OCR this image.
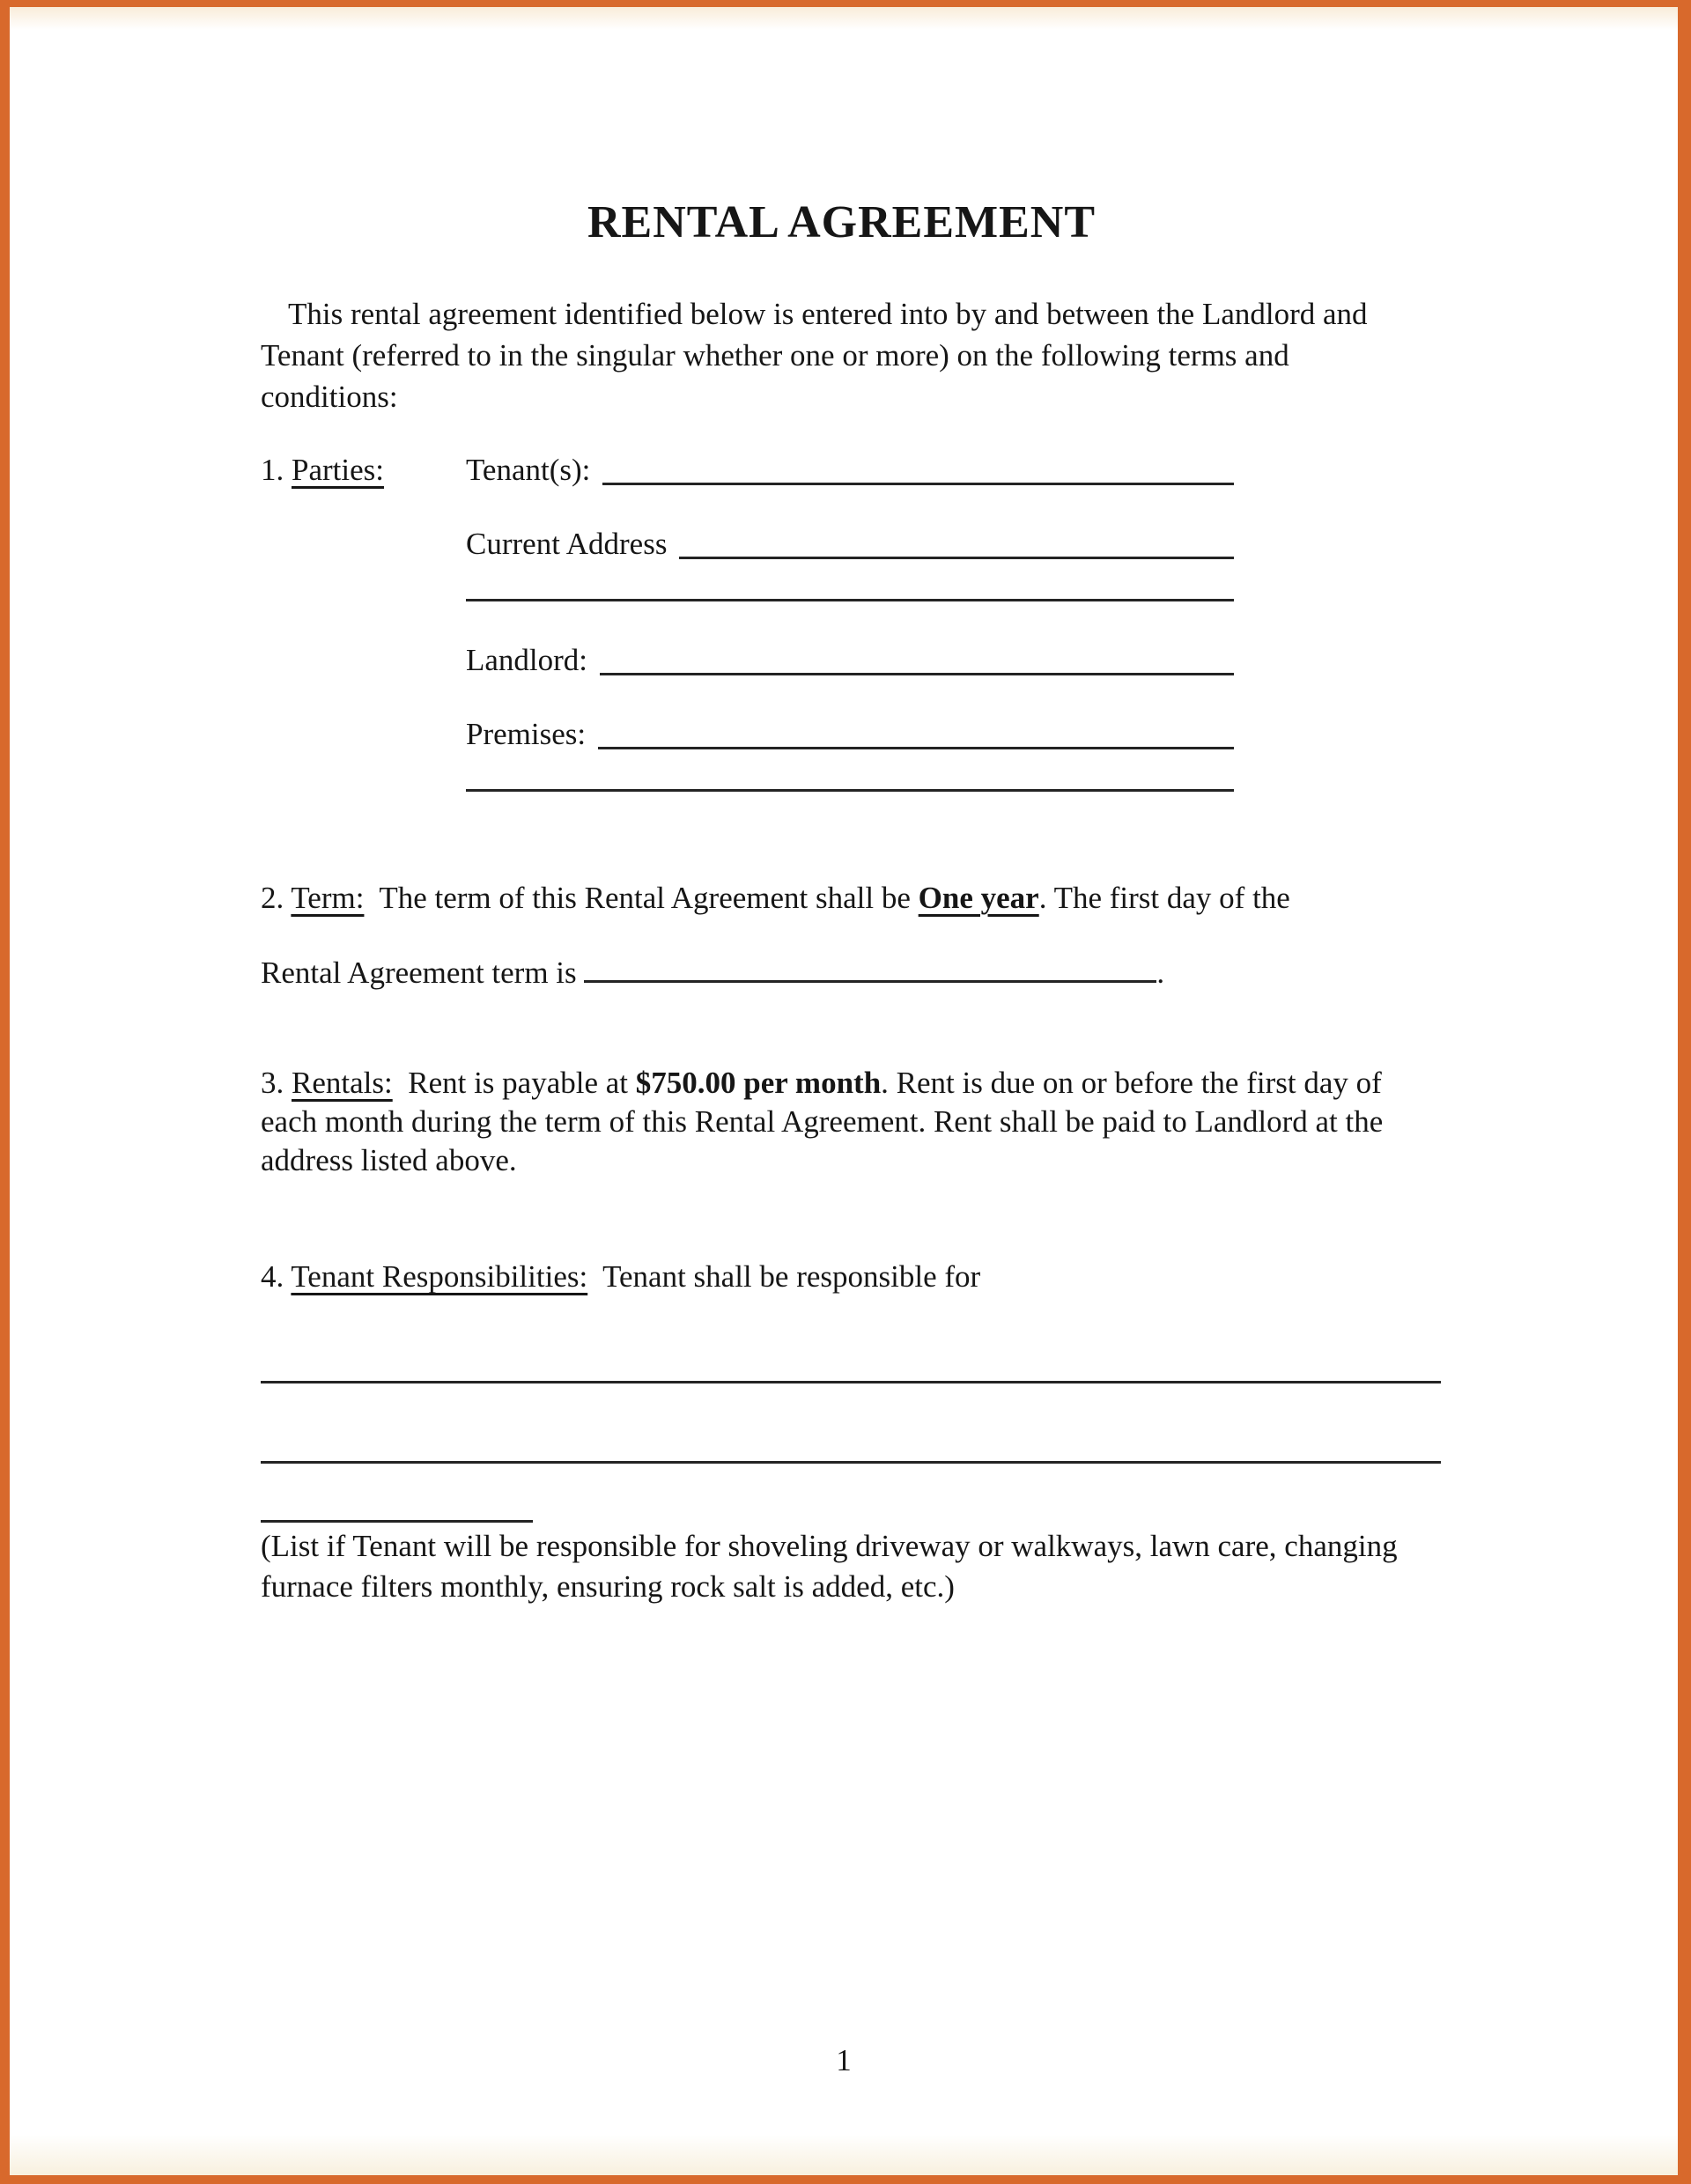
RENTAL AGREEMENT
This rental agreement identified below is entered into by and between the Landlord and Tenant (referred to in the singular whether one or more) on the following terms and conditions:
1. Parties:	Tenant(s):
Current Address
Landlord:
Premises:
2. Term: The term of this Rental Agreement shall be One year. The first day of the
Rental Agreement term is	.
3. Rentals: Rent is payable at $750.00 per month. Rent is due on or before the first day of each month during the term of this Rental Agreement. Rent shall be paid to Landlord at the address listed above.
4. Tenant Responsibilities: Tenant shall be responsible for
(List if Tenant will be responsible for shoveling driveway or walkways, lawn care, changing furnace filters monthly, ensuring rock salt is added, etc.)
1
